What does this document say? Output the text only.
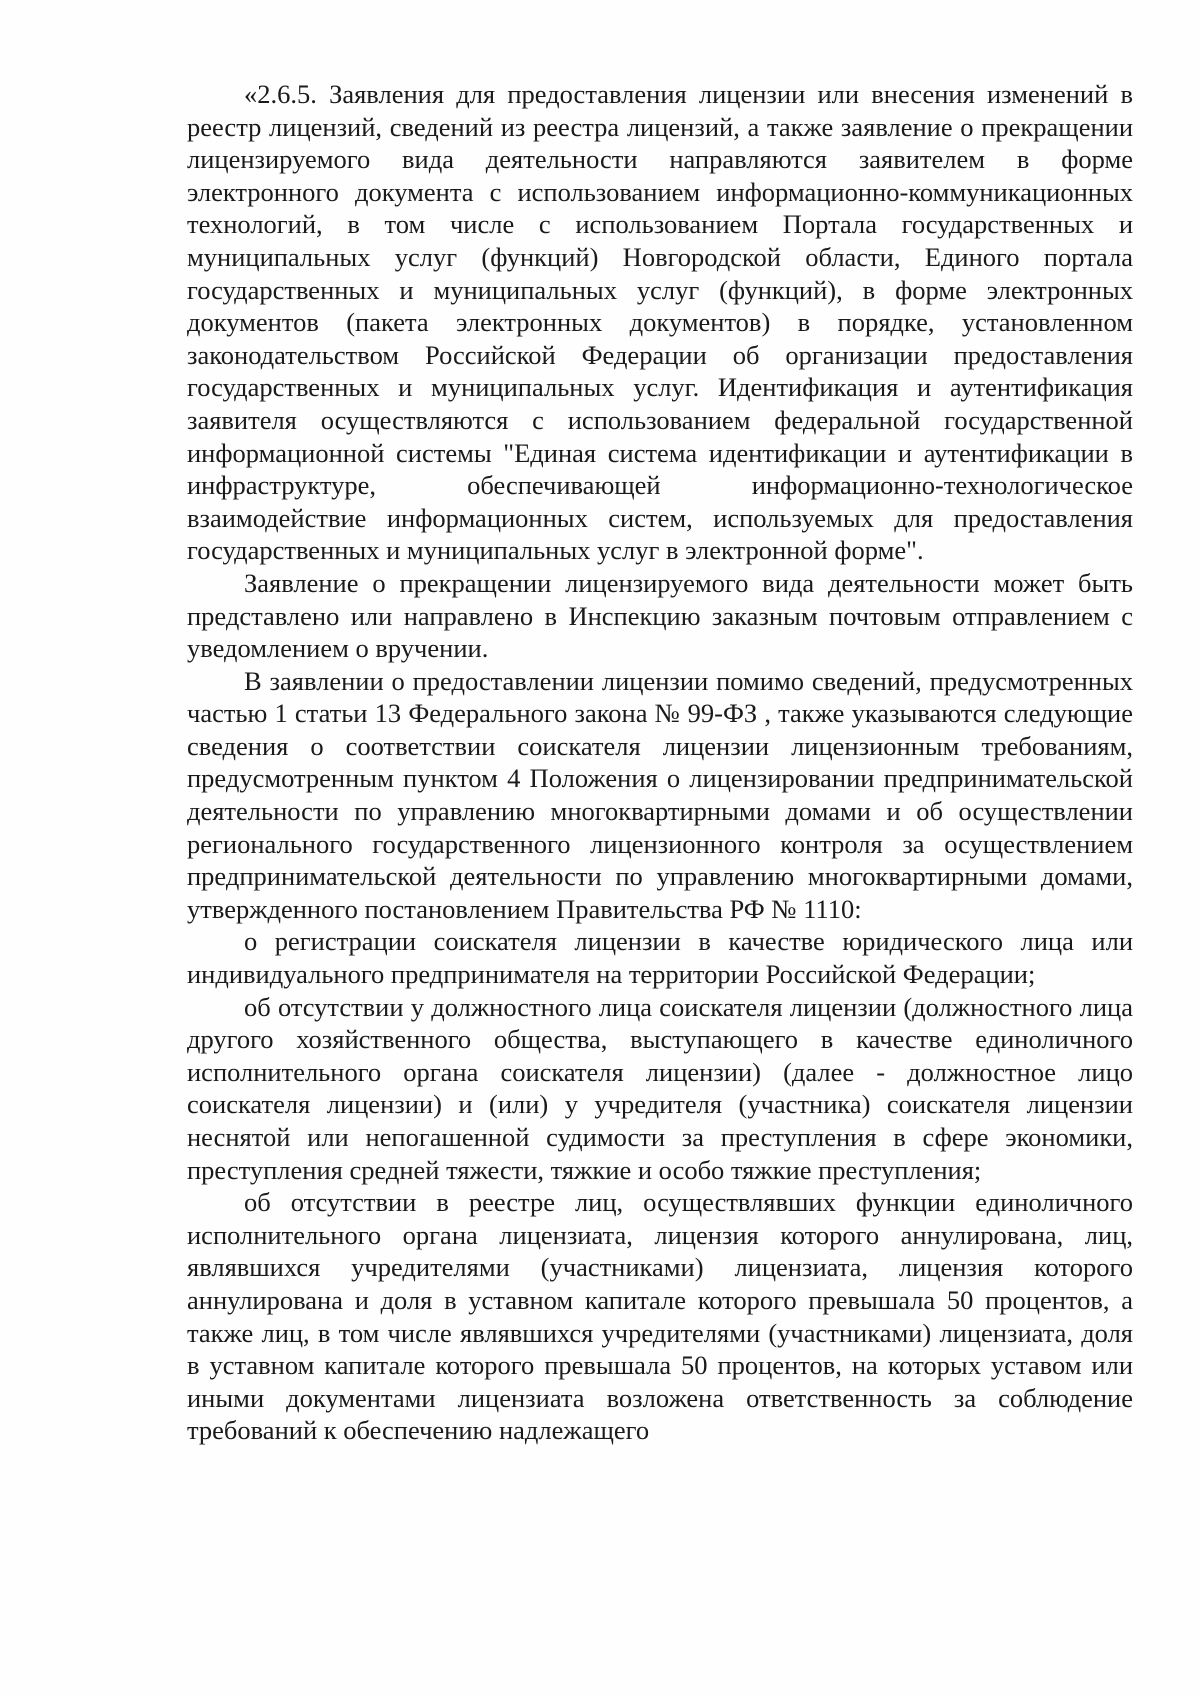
«2.6.5. Заявления для предоставления лицензии или внесения изменений в реестр лицензий, сведений из реестра лицензий, а также заявление о прекращении лицензируемого вида деятельности направляются заявителем в форме электронного документа с использованием информационно-коммуникационных технологий, в том числе с использованием Портала государственных и муниципальных услуг (функций) Новгородской области, Единого портала государственных и муниципальных услуг (функций), в форме электронных документов (пакета электронных документов) в порядке, установленном законодательством Российской Федерации об организации предоставления государственных и муниципальных услуг. Идентификация и аутентификация заявителя осуществляются с использованием федеральной государственной информационной системы "Единая система идентификации и аутентификации в инфраструктуре, обеспечивающей информационно-технологическое взаимодействие информационных систем, используемых для предоставления государственных и муниципальных услуг в электронной форме".

Заявление о прекращении лицензируемого вида деятельности может быть представлено или направлено в Инспекцию заказным почтовым отправлением с уведомлением о вручении.

В заявлении о предоставлении лицензии помимо сведений, предусмотренных частью 1 статьи 13 Федерального закона № 99-ФЗ , также указываются следующие сведения о соответствии соискателя лицензии лицензионным требованиям, предусмотренным пунктом 4 Положения о лицензировании предпринимательской деятельности по управлению многоквартирными домами и об осуществлении регионального государственного лицензионного контроля за осуществлением предпринимательской деятельности по управлению многоквартирными домами, утвержденного постановлением Правительства РФ № 1110:

о регистрации соискателя лицензии в качестве юридического лица или индивидуального предпринимателя на территории Российской Федерации;

об отсутствии у должностного лица соискателя лицензии (должностного лица другого хозяйственного общества, выступающего в качестве единоличного исполнительного органа соискателя лицензии) (далее - должностное лицо соискателя лицензии) и (или) у учредителя (участника) соискателя лицензии неснятой или непогашенной судимости за преступления в сфере экономики, преступления средней тяжести, тяжкие и особо тяжкие преступления;

об отсутствии в реестре лиц, осуществлявших функции единоличного исполнительного органа лицензиата, лицензия которого аннулирована, лиц, являвшихся учредителями (участниками) лицензиата, лицензия которого аннулирована и доля в уставном капитале которого превышала 50 процентов, а также лиц, в том числе являвшихся учредителями (участниками) лицензиата, доля в уставном капитале которого превышала 50 процентов, на которых уставом или иными документами лицензиата возложена ответственность за соблюдение требований к обеспечению надлежащего
